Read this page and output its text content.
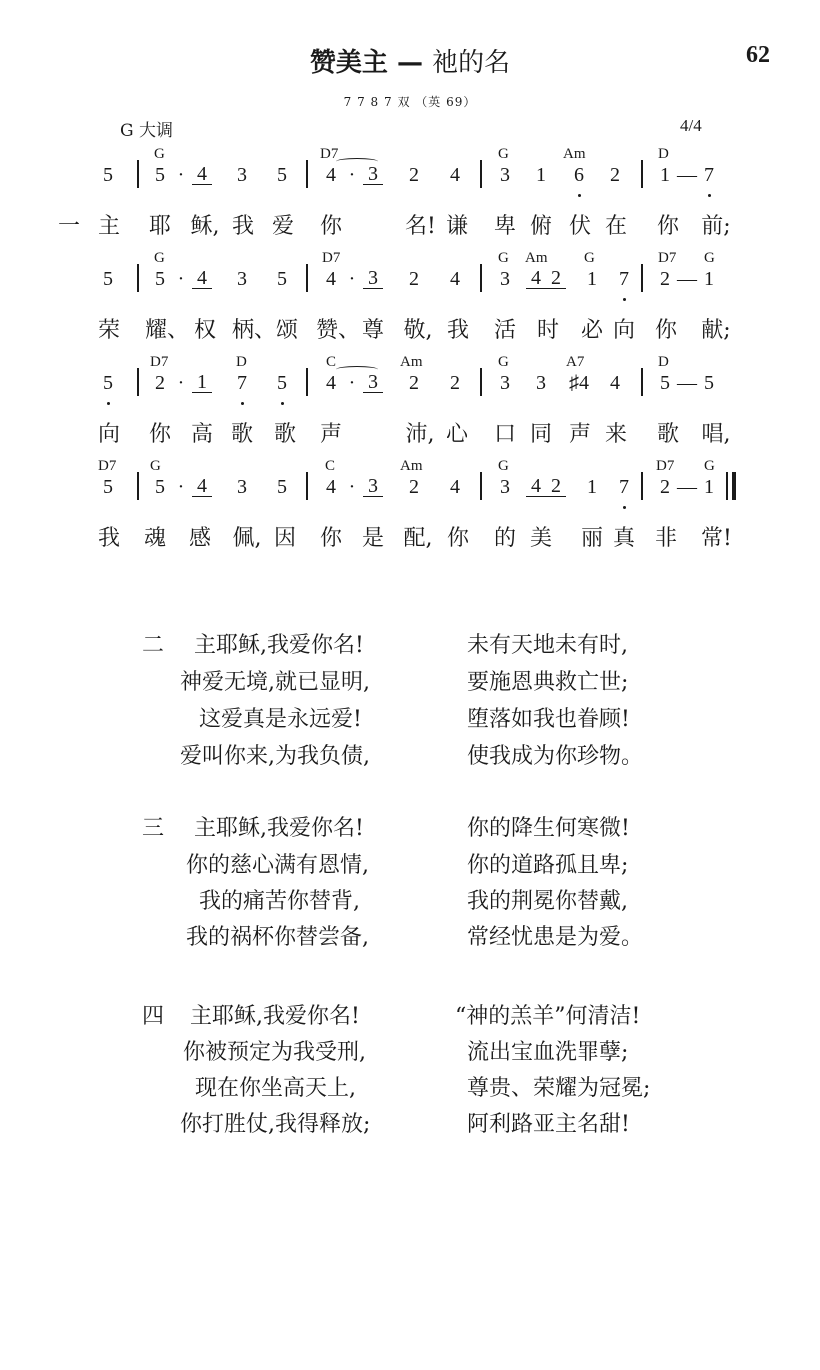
赞美主 — 祂的名	62
7 7 8 7 双 （英 69）
G 大调	4/4
G	D7	G	Am	D
5 5 · 4 3 5 4 · 3 2 4 3 1 6 2 1 — 7
一 主 耶 稣, 我 爱 你	名! 谦 卑 俯 伏 在 你 前;
G	D7	G Am G	D7 G
5 5 · 4 3 5 4 · 3 2 4 3 4 2 1 7 2 — 1
荣 耀、 权 柄、 颂 赞、 尊 敬, 我 活 时 必 向 你 献;
D7	D	C	Am	G	A7	D
5 2 · 1 7 5 4 · 3 2 2 3 3 ♯4 4 5 — 5
向 你 高 歌 歌 声	沛, 心 口 同 声 来 歌 唱,
D7 G	C	Am	G	D7 G
5 5 · 4 3 5 4 · 3 2 4 3 4 2 1 7 2 — 1
我 魂 感 佩, 因 你 是 配, 你 的 美 丽 真 非 常!
二 主耶稣,我爱你名!
神爱无境,就已显明,
这爱真是永远爱!
爱叫你来,为我负债,
未有天地未有时,
要施恩典救亡世;
堕落如我也眷顾!
使我成为你珍物。
三 主耶稣,我爱你名!
你的慈心满有恩情,
我的痛苦你替背,
我的祸杯你替尝备,
你的降生何寒微!
你的道路孤且卑;
我的荆冕你替戴,
常经忧患是为爱。
四 主耶稣,我爱你名!
你被预定为我受刑,
现在你坐高天上,
你打胜仗,我得释放;
“神的羔羊”何清洁!
流出宝血洗罪孽;
尊贵、荣耀为冠冕;
阿利路亚主名甜!
